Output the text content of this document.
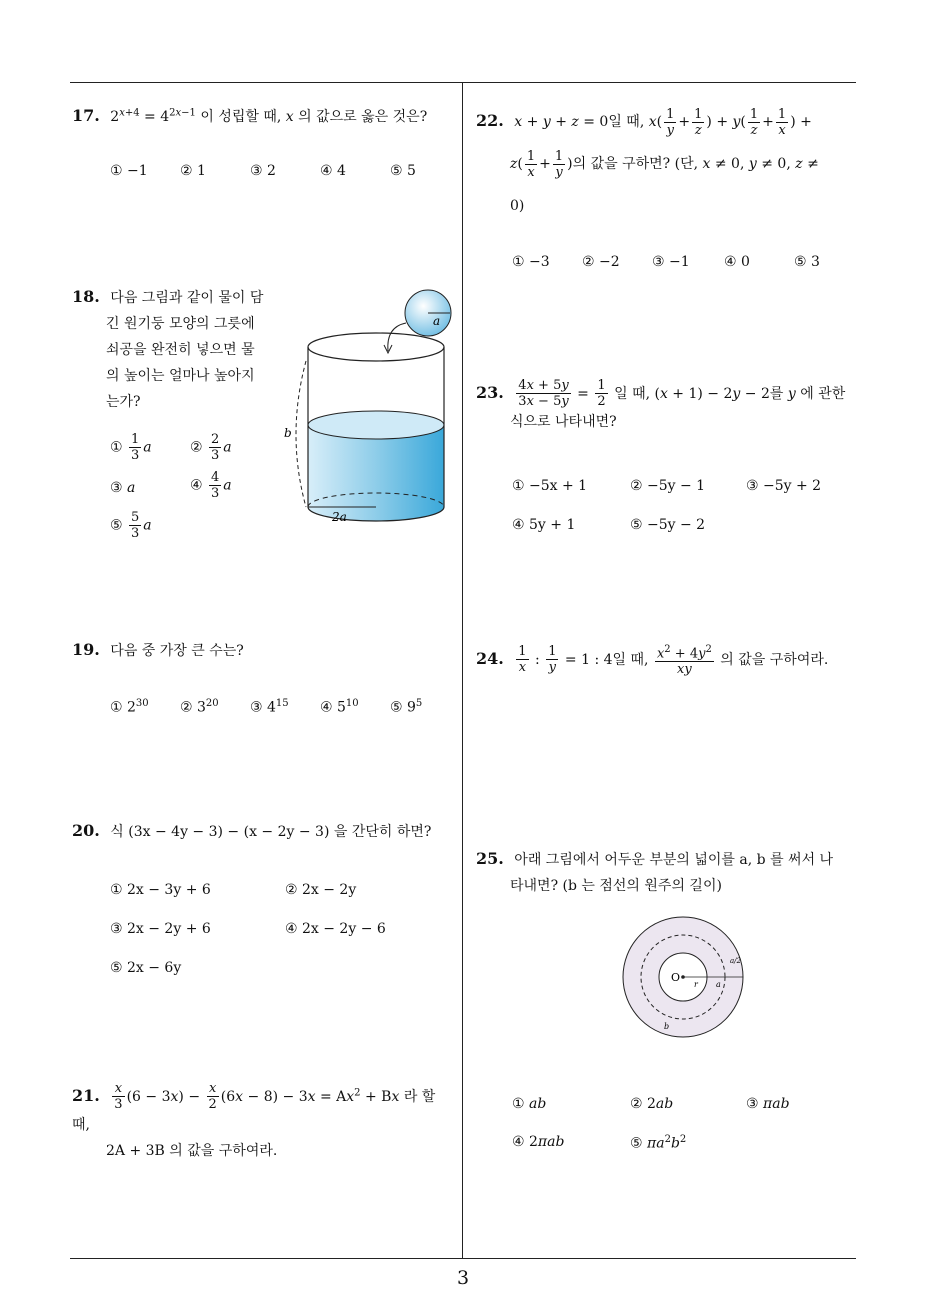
17. $2^{x+4} = 4^{2x-1}$ 이 성립할 때, x 의 값으로 옳은 것은?
① −1 ② 1	③ 2	④ 4	⑤ 5
18. 다음 그림과 같이 물이 담
긴 원기둥 모양의 그릇에
쇠공을 완전히 넣으면 물
의 높이는 얼마나 높아지
는가?
① $\frac{1}{3}$ a	② $\frac{2}{3}$ a
③ a	④ $\frac{4}{3}$ a
⑤ $\frac{5}{3}$ a
2a
b
a
19. 다음 중 가장 큰 수는?
① $2^{30}$ ② $3^{20}$ ③ $4^{15}$ ④ $5^{10}$ ⑤ $9^5$
20. 식 (3x − 4y − 3) − (x − 2y − 3) 을 간단히 하면?
① 2x − 3y + 6	② 2x − 2y
③ 2x − 2y + 6	④ 2x − 2y − 6
⑤ 2x − 6y
21. $\frac{x}{3} (6 - 3x) - \frac{x}{2} (6x - 8) - 3x = Ax^2 + Bx$ 라 할 때,
2A + 3B 의 값을 구하여라.
22. x + y + z = 0일 때, $x( \frac{1}{y} + \frac{1}{z}$ ) + $y( \frac{1}{z} + \frac{1}{x}$ ) +
$z( \frac{1}{x} + \frac{1}{y}$ )의 값을 구하면? (단, x ≠ 0, y ≠ 0, z ≠
0)
① −3 ② −2 ③ −1 ④ 0	⑤ 3
23. $\frac{4x + 5y}{3x - 5y} = \frac{1}{2}$ 일 때, (x + 1) − 2y − 2를 y 에 관한
식으로 나타내면?
① −5x + 1	② −5y − 1	③ −5y + 2
④ 5y + 1	⑤ −5y − 2
24. $\frac{1}{x}$ : $\frac{1}{y} = 1$ : 4일 때, $\frac{x^2 + 4y^2}{xy}$ 의 값을 구하여라.
25. 아래 그림에서 어두운 부분의 넓이를 a, b 를 써서 나
타내면? (b 는 점선의 원주의 길이)
O
r a
a/2
b
① ab	② 2ab	③ πab
④ 2πab	⑤ $\pi a^2b^2$
3
